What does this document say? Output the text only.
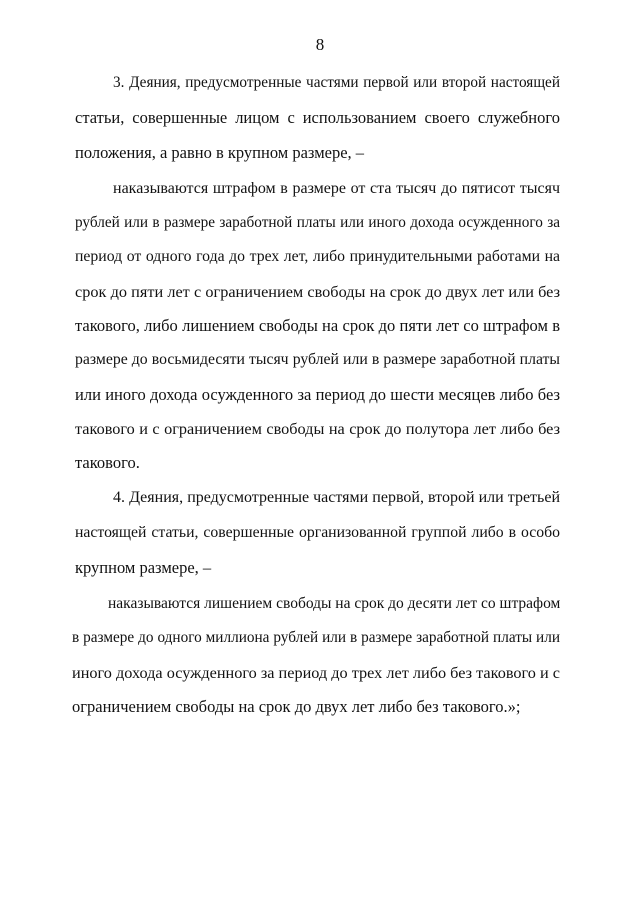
8
3. Деяния, предусмотренные частями первой или второй настоящей
статьи, совершенные лицом с использованием своего служебного
положения, а равно в крупном размере, –
наказываются штрафом в размере от ста тысяч до пятисот тысяч
рублей или в размере заработной платы или иного дохода осужденного за
период от одного года до трех лет, либо принудительными работами на
срок до пяти лет с ограничением свободы на срок до двух лет или без
такового, либо лишением свободы на срок до пяти лет со штрафом в
размере до восьмидесяти тысяч рублей или в размере заработной платы
или иного дохода осужденного за период до шести месяцев либо без
такового и с ограничением свободы на срок до полутора лет либо без
такового.
4. Деяния, предусмотренные частями первой, второй или третьей
настоящей статьи, совершенные организованной группой либо в особо
крупном размере, –
наказываются лишением свободы на срок до десяти лет со штрафом
в размере до одного миллиона рублей или в размере заработной платы или
иного дохода осужденного за период до трех лет либо без такового и с
ограничением свободы на срок до двух лет либо без такового.»;
